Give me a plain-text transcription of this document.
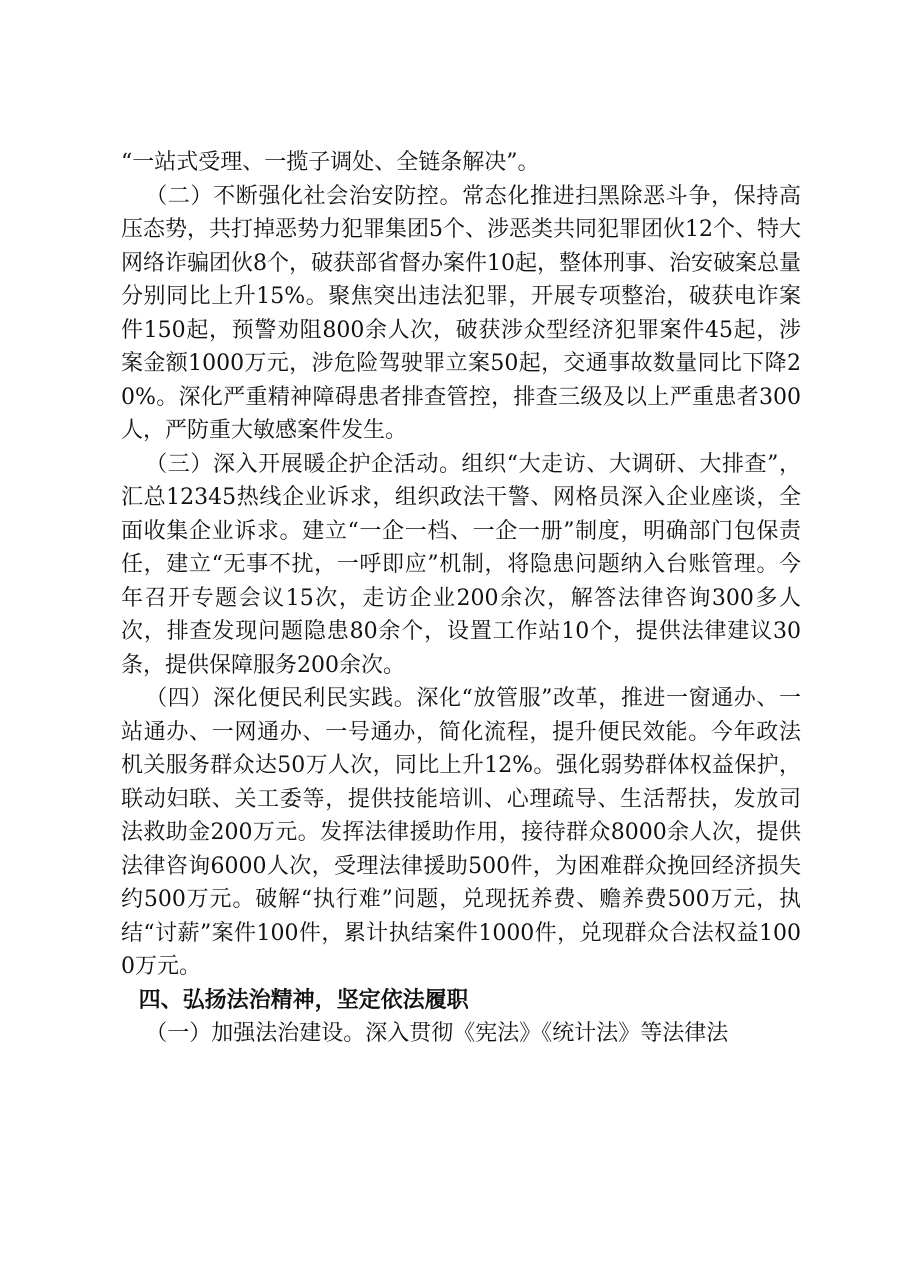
“一站式受理、一揽子调处、全链条解决”。

（二）不断强化社会治安防控。常态化推进扫黑除恶斗争，保持高压态势，共打掉恶势力犯罪集团5个、涉恶类共同犯罪团伙12个、特大网络诈骗团伙8个，破获部省督办案件10起，整体刑事、治安破案总量分别同比上升15%。聚焦突出违法犯罪，开展专项整治，破获电诈案件150起，预警劝阻800余人次，破获涉众型经济犯罪案件45起，涉案金额1000万元，涉危险驾驶罪立案50起，交通事故数量同比下降20%。深化严重精神障碍患者排查管控，排查三级及以上严重患者300人，严防重大敏感案件发生。

（三）深入开展暖企护企活动。组织“大走访、大调研、大排查”，汇总12345热线企业诉求，组织政法干警、网格员深入企业座谈，全面收集企业诉求。建立“一企一档、一企一册”制度，明确部门包保责任，建立“无事不扰，一呼即应”机制，将隐患问题纳入台账管理。今年召开专题会议15次，走访企业200余次，解答法律咨询300多人次，排查发现问题隐患80余个，设置工作站10个，提供法律建议30条，提供保障服务200余次。

（四）深化便民利民实践。深化“放管服”改革，推进一窗通办、一站通办、一网通办、一号通办，简化流程，提升便民效能。今年政法机关服务群众达50万人次，同比上升12%。强化弱势群体权益保护，联动妇联、关工委等，提供技能培训、心理疏导、生活帮扶，发放司法救助金200万元。发挥法律援助作用，接待群众8000余人次，提供法律咨询6000人次，受理法律援助500件，为困难群众挽回经济损失约500万元。破解“执行难”问题，兑现抚养费、赡养费500万元，执结“讨薪”案件100件，累计执结案件1000件，兑现群众合法权益1000万元。

四、弘扬法治精神，坚定依法履职

（一）加强法治建设。深入贯彻《宪法》《统计法》等法律法
